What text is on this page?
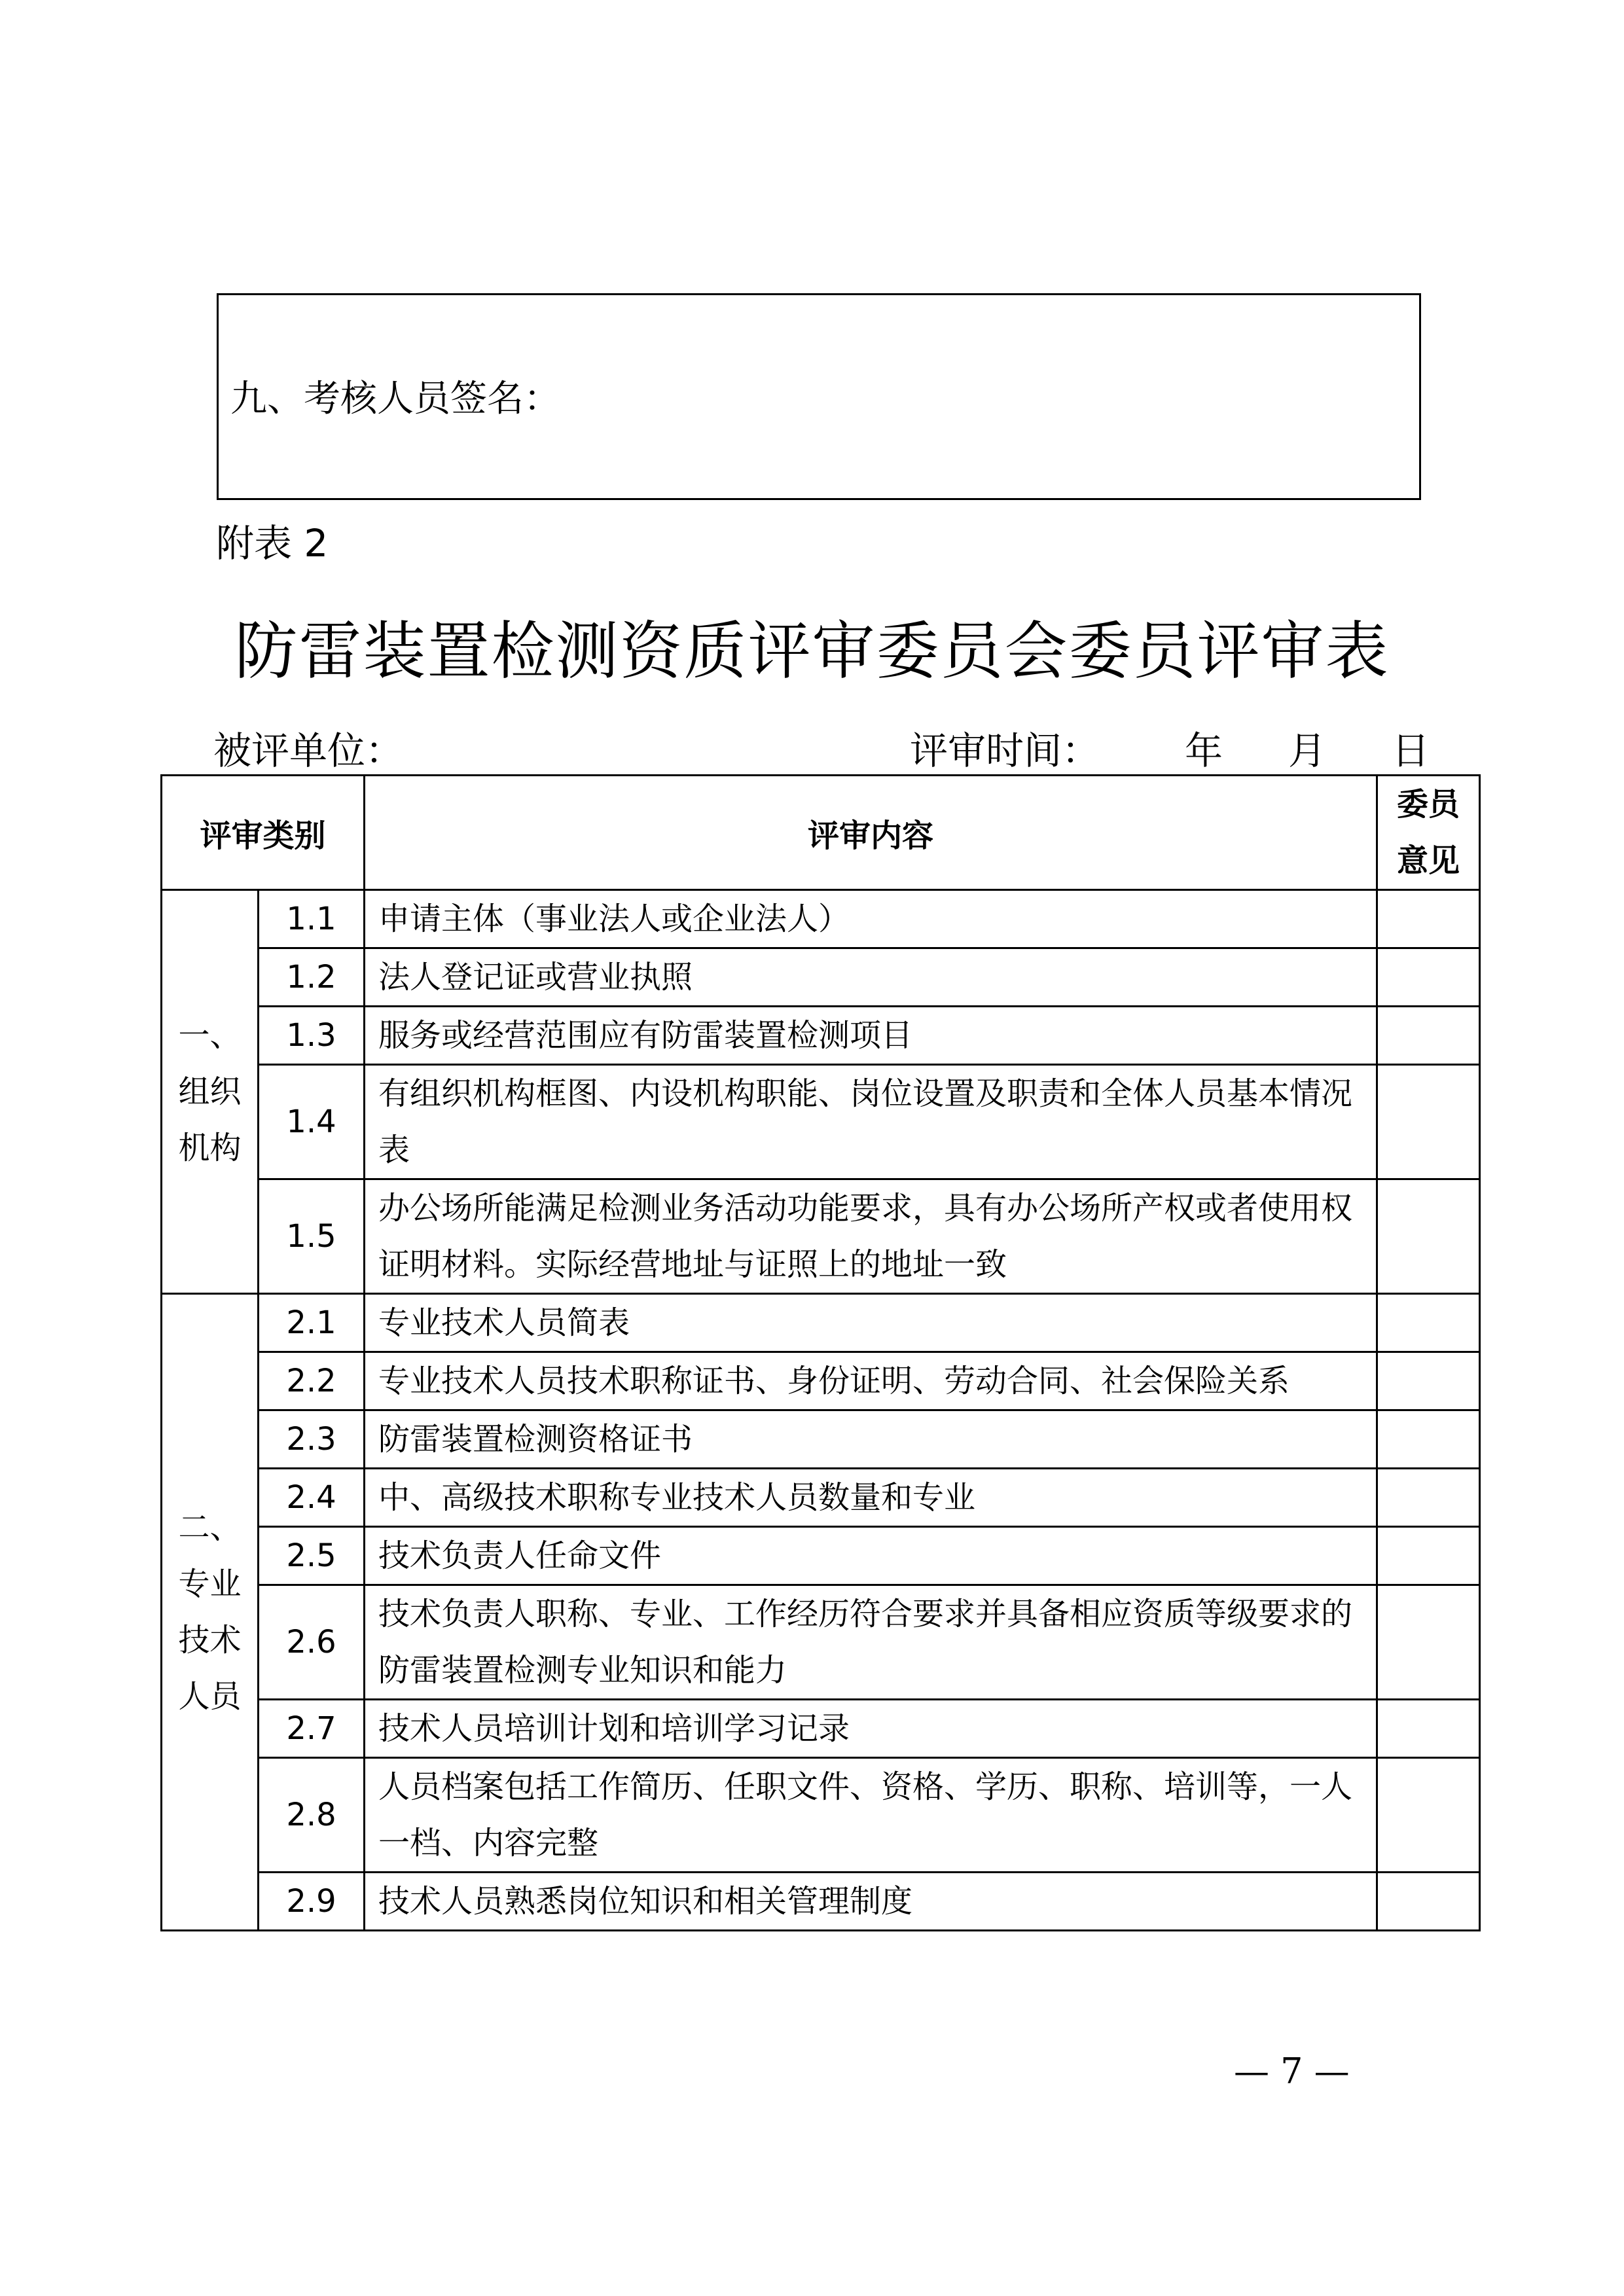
九、考核人员签名：
附表 2
防雷装置检测资质评审委员会委员评审表
被评单位：	评审时间： 年 月 日
评审类别		评审内容	委员
意见
一、
组织
机构	1.1	申请主体（事业法人或企业法人）	
	1.2	法人登记证或营业执照	
	1.3	服务或经营范围应有防雷装置检测项目	
	1.4	有组织机构框图、内设机构职能、岗位设置及职责和全体人员基本情况表	
	1.5	办公场所能满足检测业务活动功能要求，具有办公场所产权或者使用权证明材料。实际经营地址与证照上的地址一致	
二、
专业
技术
人员	2.1	专业技术人员简表	
	2.2	专业技术人员技术职称证书、身份证明、劳动合同、社会保险关系	
	2.3	防雷装置检测资格证书	
	2.4	中、高级技术职称专业技术人员数量和专业	
	2.5	技术负责人任命文件	
	2.6	技术负责人职称、专业、工作经历符合要求并具备相应资质等级要求的防雷装置检测专业知识和能力	
	2.7	技术人员培训计划和培训学习记录	
	2.8	人员档案包括工作简历、任职文件、资格、学历、职称、培训等，一人一档、内容完整	
	2.9	技术人员熟悉岗位知识和相关管理制度	
— 7 —
